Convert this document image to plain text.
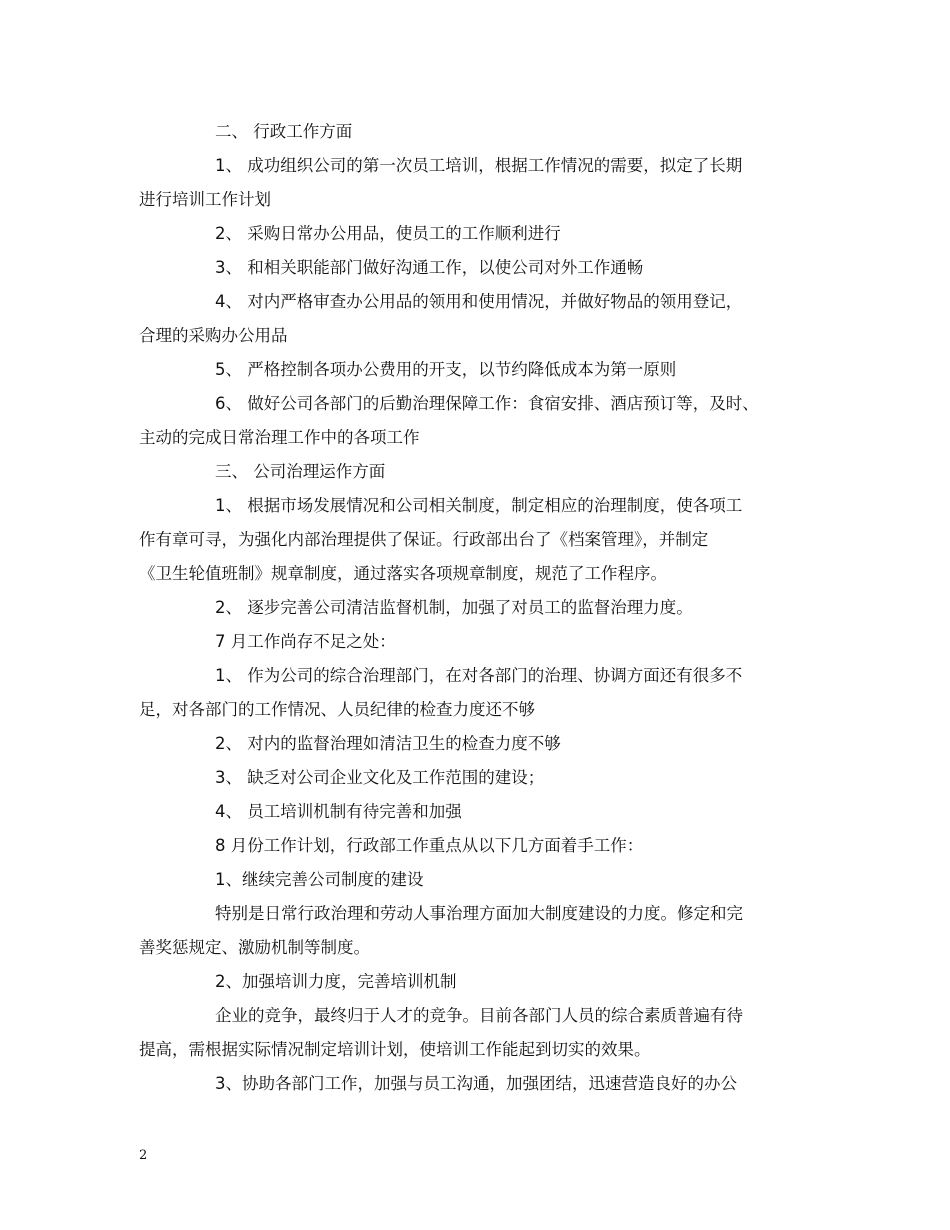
二、 行政工作方面

1、 成功组织公司的第一次员工培训，根据工作情况的需要，拟定了长期

进行培训工作计划

2、 采购日常办公用品，使员工的工作顺利进行

3、 和相关职能部门做好沟通工作，以使公司对外工作通畅

4、 对内严格审查办公用品的领用和使用情况，并做好物品的领用登记，

合理的采购办公用品

5、 严格控制各项办公费用的开支，以节约降低成本为第一原则

6、 做好公司各部门的后勤治理保障工作：食宿安排、酒店预订等，及时、

主动的完成日常治理工作中的各项工作

三、 公司治理运作方面

1、 根据市场发展情况和公司相关制度，制定相应的治理制度，使各项工

作有章可寻，为强化内部治理提供了保证。行政部出台了《档案管理》，并制定

《卫生轮值班制》规章制度，通过落实各项规章制度，规范了工作程序。

2、 逐步完善公司清洁监督机制，加强了对员工的监督治理力度。

7 月工作尚存不足之处：

1、 作为公司的综合治理部门，在对各部门的治理、协调方面还有很多不

足，对各部门的工作情况、人员纪律的检查力度还不够

2、 对内的监督治理如清洁卫生的检查力度不够

3、 缺乏对公司企业文化及工作范围的建设；

4、 员工培训机制有待完善和加强

8 月份工作计划，行政部工作重点从以下几方面着手工作：

1、继续完善公司制度的建设

特别是日常行政治理和劳动人事治理方面加大制度建设的力度。修定和完

善奖惩规定、激励机制等制度。

2、加强培训力度，完善培训机制

企业的竞争，最终归于人才的竞争。目前各部门人员的综合素质普遍有待

提高，需根据实际情况制定培训计划，使培训工作能起到切实的效果。

3、协助各部门工作，加强与员工沟通，加强团结，迅速营造良好的办公

2
